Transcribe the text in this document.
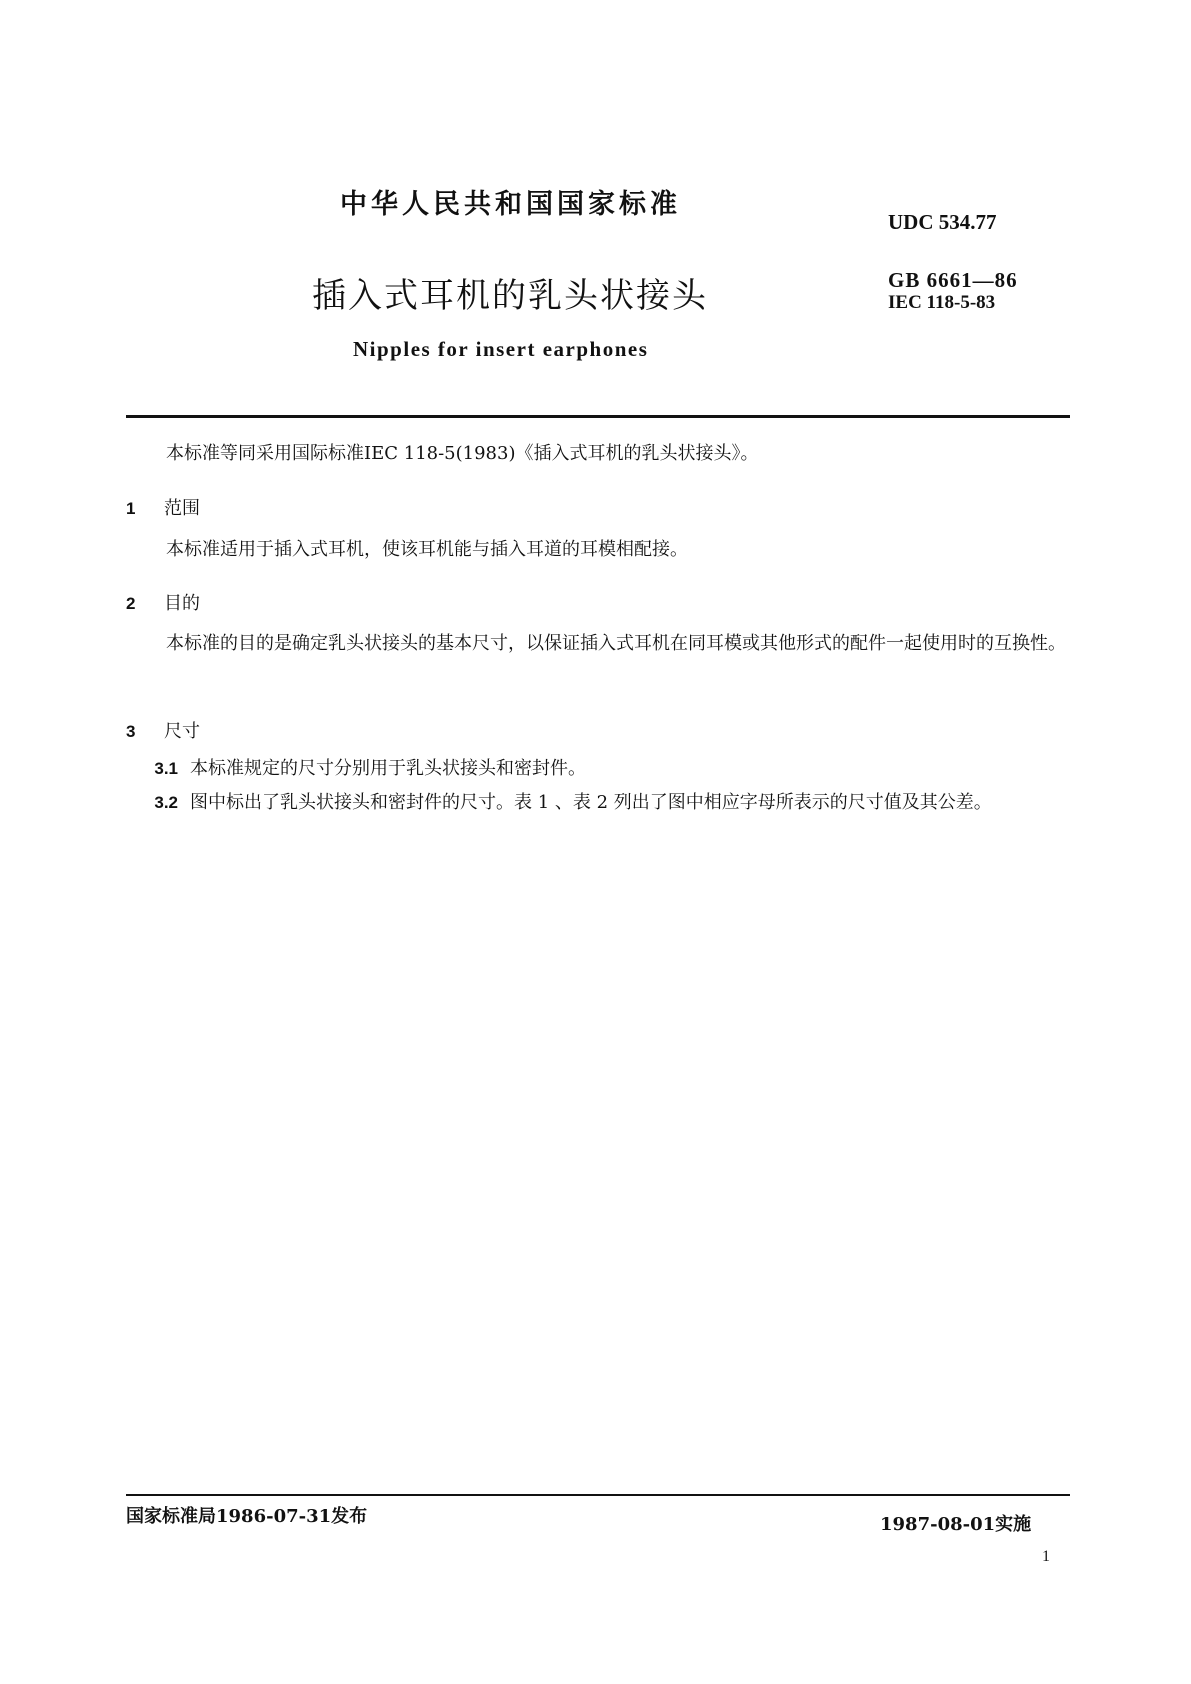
中华人民共和国国家标准
UDC 534.77
插入式耳机的乳头状接头	GB 6661—86
IEC 118-5-83
Nipples for insert earphones
本标准等同采用国际标准IEC 118-5(1983)《插入式耳机的乳头状接头》。
1 范围
本标准适用于插入式耳机，使该耳机能与插入耳道的耳模相配接。
2 目的
本标准的目的是确定乳头状接头的基本尺寸，以保证插入式耳机在同耳模或其他形式的配件一起使用时的互换性。
3 尺寸
3.1 本标准规定的尺寸分别用于乳头状接头和密封件。
3.2 图中标出了乳头状接头和密封件的尺寸。表 1 、表 2 列出了图中相应字母所表示的尺寸值及其公差。
国家标准局1986-07-31发布	1987-08-01实施
1
